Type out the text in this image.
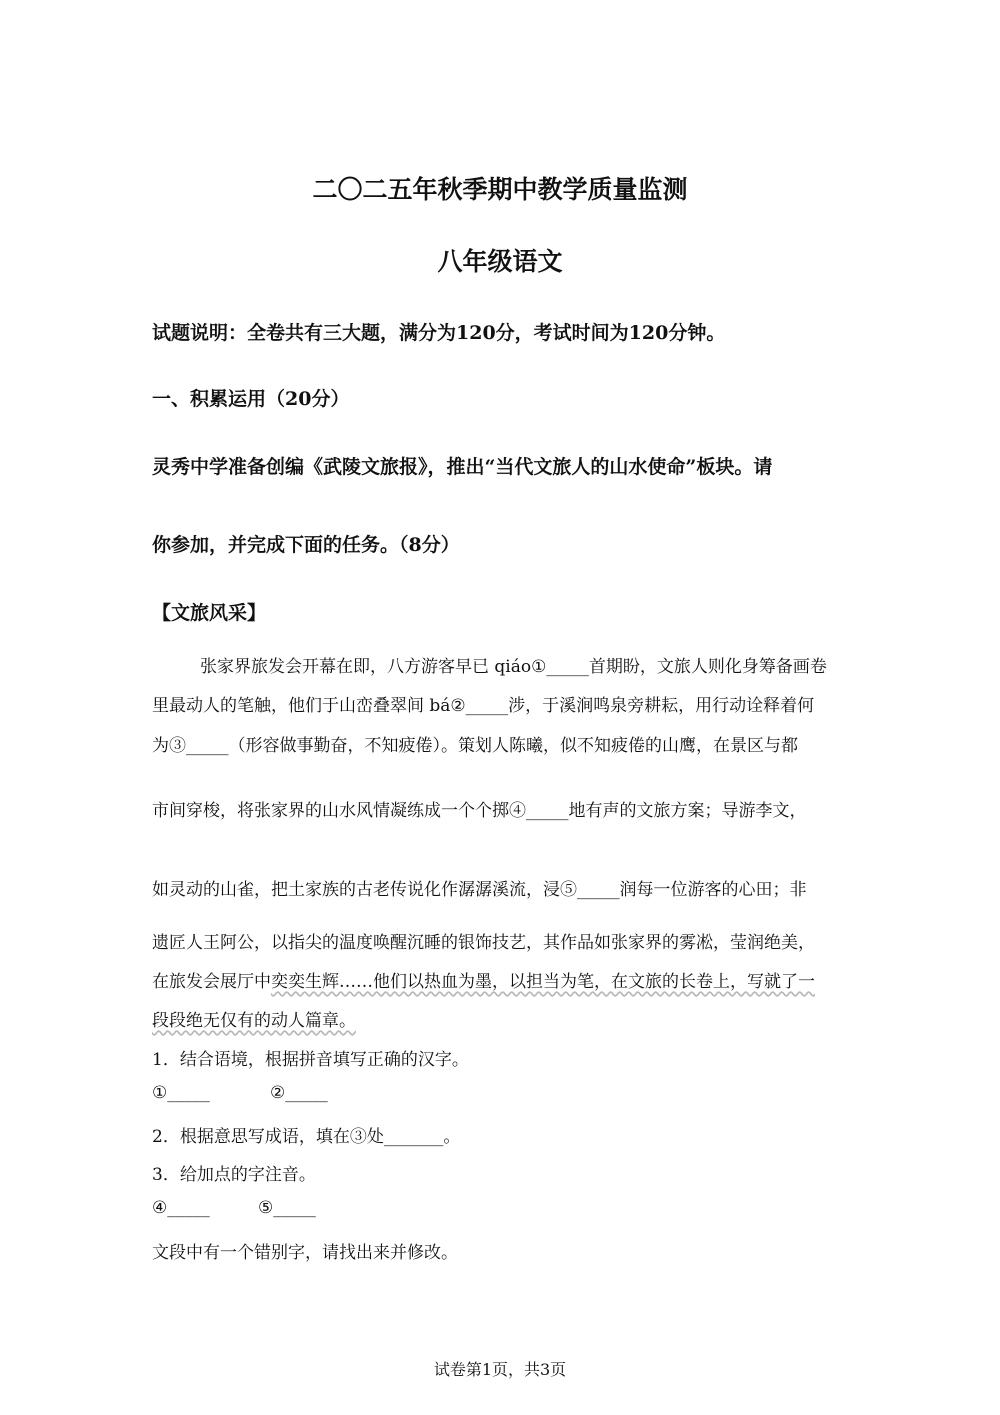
二〇二五年秋季期中教学质量监测
八年级语文
试题说明：全卷共有三大题，满分为120分，考试时间为120分钟。
一、积累运用（20分）
灵秀中学准备创编《武陵文旅报》，推出“当代文旅人的山水使命”板块。请
你参加，并完成下面的任务。（8分）
【文旅风采】
张家界旅发会开幕在即，八方游客早已 qiáo①_____首期盼，文旅人则化身筹备画卷
里最动人的笔触，他们于山峦叠翠间 bá②_____涉，于溪涧鸣泉旁耕耘，用行动诠释着何
为③_____（形容做事勤奋，不知疲倦）。策划人陈曦，似不知疲倦的山鹰，在景区与都
市间穿梭，将张家界的山水风情凝练成一个个掷④_____地有声的文旅方案；导游李文，
如灵动的山雀，把土家族的古老传说化作潺潺溪流，浸⑤_____润每一位游客的心田；非
遗匠人王阿公，以指尖的温度唤醒沉睡的银饰技艺，其作品如张家界的雾凇，莹润绝美，
在旅发会展厅中奕奕生辉……他们以热血为墨，以担当为笔，在文旅的长卷上，写就了一
段段绝无仅有的动人篇章。
1．结合语境，根据拼音填写正确的汉字。
①_____	②_____
2．根据意思写成语，填在③处_______。
3．给加点的字注音。
④_____	⑤_____
文段中有一个错别字，请找出来并修改。
试卷第1页，共3页
